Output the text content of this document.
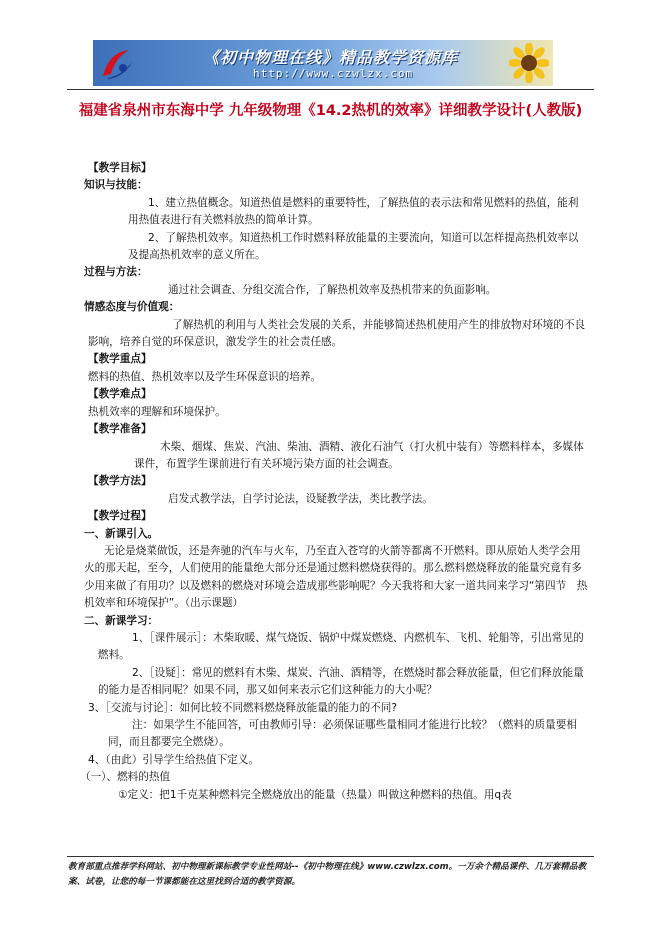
《初中物理在线》精品教学资源库
http://www.czwlzx.com
福建省泉州市东海中学 九年级物理《14.2热机的效率》详细教学设计(人教版)

【教学目标】

知识与技能：

1、建立热值概念。知道热值是燃料的重要特性，了解热值的表示法和常见燃料的热值，能利用热值表进行有关燃料放热的简单计算。

2、了解热机效率。知道热机工作时燃料释放能量的主要流向，知道可以怎样提高热机效率以及提高热机效率的意义所在。

过程与方法：

通过社会调查、分组交流合作，了解热机效率及热机带来的负面影响。

情感态度与价值观：

了解热机的利用与人类社会发展的关系，并能够简述热机使用产生的排放物对环境的不良影响，培养自觉的环保意识，激发学生的社会责任感。

【教学重点】

燃料的热值、热机效率以及学生环保意识的培养。

【教学难点】

热机效率的理解和环境保护。

【教学准备】

木柴、烟煤、焦炭、汽油、柴油、酒精、液化石油气（打火机中装有）等燃料样本，多媒体课件，布置学生课前进行有关环境污染方面的社会调查。

【教学方法】

启发式教学法，自学讨论法，设疑教学法，类比教学法。

【教学过程】

一、新课引入。

无论是烧菜做饭，还是奔驰的汽车与火车，乃至直入苍穹的火箭等都离不开燃料。即从原始人类学会用火的那天起，至今，人们使用的能量绝大部分还是通过燃料燃烧获得的。那么燃料燃烧释放的能量究竟有多少用来做了有用功？以及燃料的燃烧对环境会造成那些影响呢？今天我将和大家一道共同来学习“第四节　热机效率和环境保护”。（出示课题）

二、新课学习：

1、［课件展示］：木柴取暖、煤气烧饭、锅炉中煤炭燃烧、内燃机车、飞机、轮船等，引出常见的燃料。

2、［设疑］：常见的燃料有木柴、煤炭、汽油、酒精等，在燃烧时都会释放能量，但它们释放能量的能力是否相同呢？如果不同，那又如何来表示它们这种能力的大小呢？

3、［交流与讨论］：如何比较不同燃料燃烧释放能量的能力的不同?

注：如果学生不能回答，可由教师引导：必须保证哪些量相同才能进行比较？（燃料的质量要相同，而且都要完全燃烧）。

4、（由此）引导学生给热值下定义。

（一）、燃料的热值

①定义：把1千克某种燃料完全燃烧放出的能量（热量）叫做这种燃料的热值。用q表

教育部重点推荐学科网站、初中物理新课标教学专业性网站--《初中物理在线》www.czwlzx.com。一万余个精品课件、几万套精品教案、试卷，让您的每一节课都能在这里找到合适的教学资源。
